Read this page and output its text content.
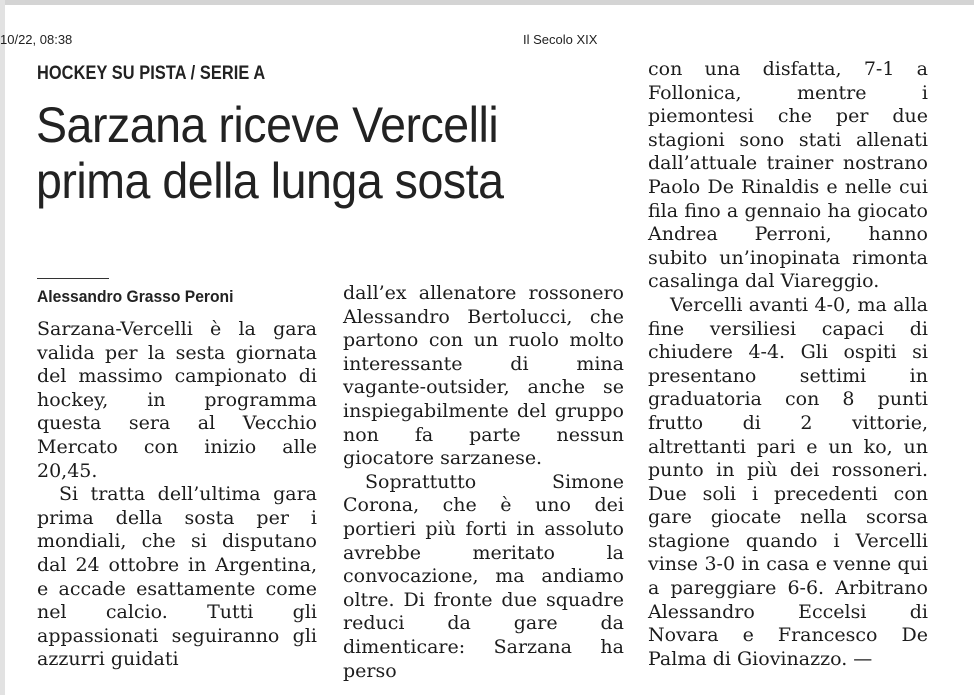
10/22, 08:38	Il Secolo XIX
HOCKEY SU PISTA / SERIE A
Sarzana riceve Vercelli
prima della lunga sosta
Alessandro Grasso Peroni

Sarzana-Vercelli è la gara valida per la sesta giornata del massimo campionato di hockey, in programma questa sera al Vecchio Mercato con inizio alle 20,45.

Si tratta dell’ultima gara prima della sosta per i mondiali, che si disputano dal 24 ottobre in Argentina, e accade esattamente come nel calcio. Tutti gli appassionati seguiranno gli azzurri guidati

dall’ex allenatore rossonero Alessandro Bertolucci, che partono con un ruolo molto interessante di mina vagante-outsider, anche se inspiegabilmente del gruppo non fa parte nessun giocatore sarzanese.

Soprattutto Simone Corona, che è uno dei portieri più forti in assoluto avrebbe meritato la convocazione, ma andiamo oltre. Di fronte due squadre reduci da gare da dimenticare: Sarzana ha perso

con una disfatta, 7-1 a Follonica, mentre i piemontesi che per due stagioni sono stati allenati dall’attuale trainer nostrano Paolo De Rinaldis e nelle cui fila fino a gennaio ha giocato Andrea Perroni, hanno subito un’inopinata rimonta casalinga dal Viareggio.

Vercelli avanti 4-0, ma alla fine versiliesi capaci di chiudere 4-4. Gli ospiti si presentano settimi in graduatoria con 8 punti frutto di 2 vittorie, altrettanti pari e un ko, un punto in più dei rossoneri. Due soli i precedenti con gare giocate nella scorsa stagione quando i Vercelli vinse 3-0 in casa e venne qui a pareggiare 6-6. Arbitrano Alessandro Eccelsi di Novara e Francesco De Palma di Giovinazzo. —
